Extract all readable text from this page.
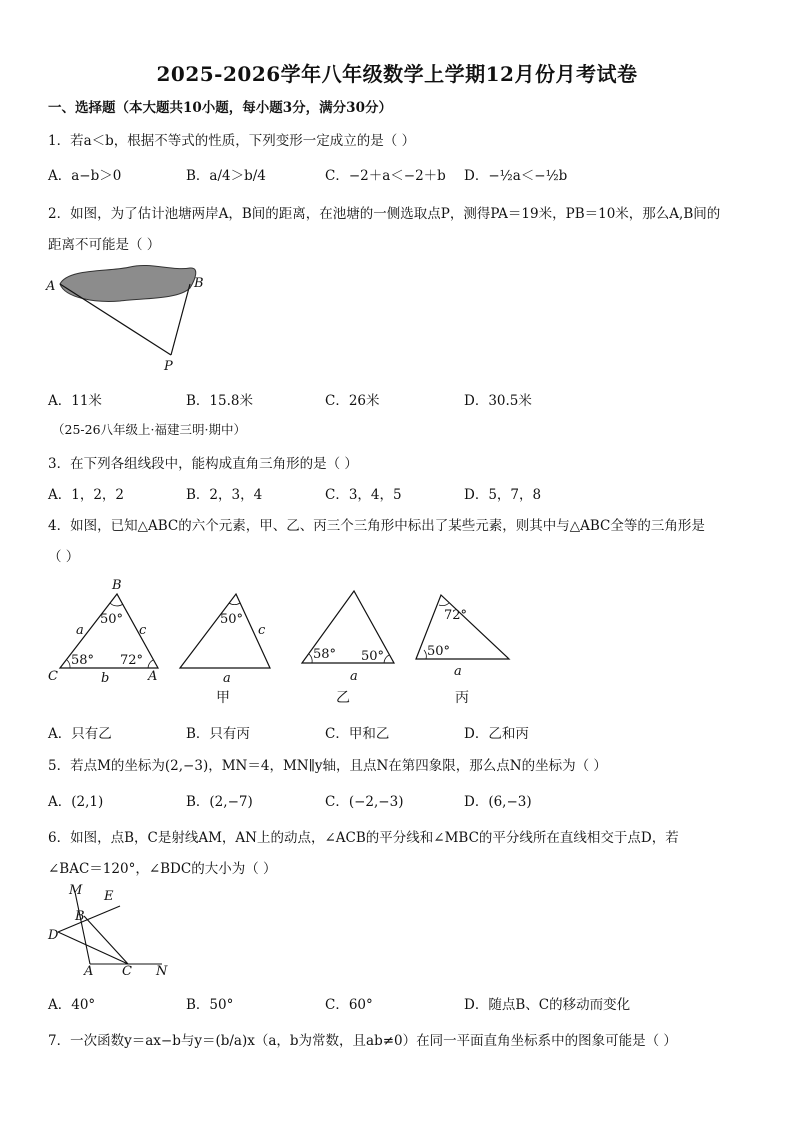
2025-2026学年八年级数学上学期12月份月考试卷
一、选择题（本大题共10小题，每小题3分，满分30分）
1．若a＜b，根据不等式的性质，下列变形一定成立的是（ ）
A．a−b＞0	B．a/4＞b/4	C．−2＋a＜−2＋b D．−½a＜−½b
2．如图，为了估计池塘两岸A，B间的距离，在池塘的一侧选取点P，测得PA＝19米，PB＝10米，那么A,B间的
距离不可能是（ ）
A	B
P
A．11米	B．15.8米	C．26米	D．30.5米
（25-26八年级上·福建三明·期中）
3．在下列各组线段中，能构成直角三角形的是（ ）
A．1，2，2	B．2，3，4	C．3，4，5	D．5，7，8
4．如图，已知△ABC的六个元素，甲、乙、丙三个三角形中标出了某些元素，则其中与△ABC全等的三角形是
（ ）
B
C	A
a	c
b
50°
58° 72°
50°
c
a
甲
58° 50°
a
乙
72°
50°
a
丙
A．只有乙	B．只有丙	C．甲和乙	D．乙和丙
5．若点M的坐标为(2,−3)，MN＝4，MN∥y轴，且点N在第四象限，那么点N的坐标为（ ）
A．(2,1)	B．(2,−7)	C．(−2,−3)	D．(6,−3)
6．如图，点B，C是射线AM，AN上的动点，∠ACB的平分线和∠MBC的平分线所在直线相交于点D，若
∠BAC＝120°，∠BDC的大小为（ ）
M E
B
D
A C N
A．40°	B．50°	C．60°	D．随点B、C的移动而变化
7．一次函数y＝ax−b与y＝(b/a)x（a，b为常数，且ab≠0）在同一平面直角坐标系中的图象可能是（ ）
